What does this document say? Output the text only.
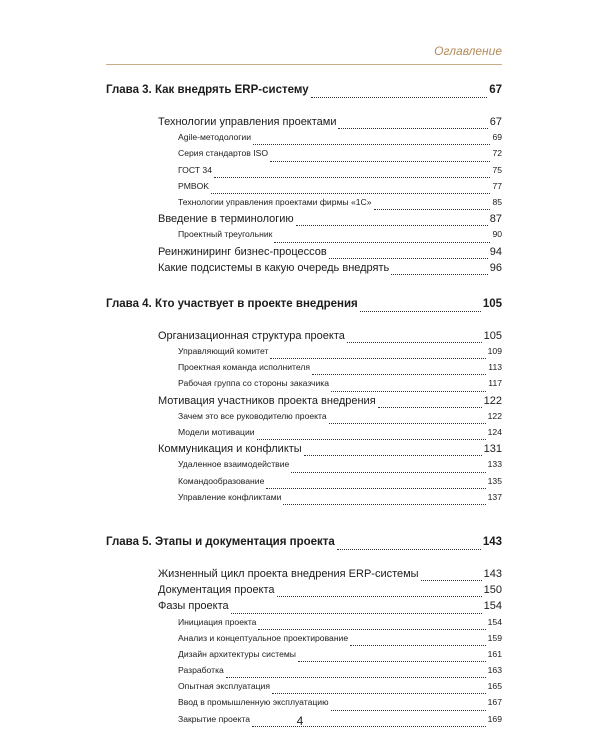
Оглавление
Глава 3. Как внедрять ERP-систему	67
Технологии управления проектами	67
Agile-методологии	69
Серия стандартов ISO	72
ГОСТ 34	75
PMBOK	77
Технологии управления проектами фирмы «1С»	85
Введение в терминологию	87
Проектный треугольник	90
Реинжиниринг бизнес-процессов	94
Какие подсистемы в какую очередь внедрять	96
Глава 4. Кто участвует в проекте внедрения	105
Организационная структура проекта	105
Управляющий комитет	109
Проектная команда исполнителя	113
Рабочая группа со стороны заказчика	117
Мотивация участников проекта внедрения	122
Зачем это все руководителю проекта	122
Модели мотивации	124
Коммуникация и конфликты	131
Удаленное взаимодействие	133
Командообразование	135
Управление конфликтами	137
Глава 5. Этапы и документация проекта	143
Жизненный цикл проекта внедрения ERP-системы	143
Документация проекта	150
Фазы проекта	154
Инициация проекта	154
Анализ и концептуальное проектирование	159
Дизайн архитектуры системы	161
Разработка	163
Опытная эксплуатация	165
Ввод в промышленную эксплуатацию	167
Закрытие проекта	169
4
